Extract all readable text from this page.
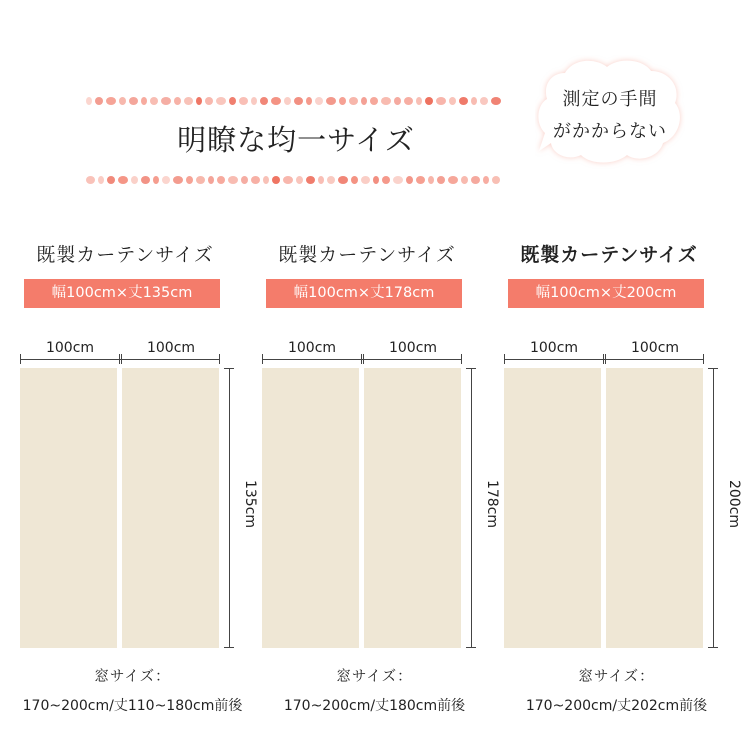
明瞭な均一サイズ
測定の手間
がかからない
既製カーテンサイズ
幅100cm×丈135cm
100cm	100cm
135cm
窓サイズ：
170~200cm/丈110~180cm前後
既製カーテンサイズ
幅100cm×丈178cm
100cm	100cm
178cm
窓サイズ：
170~200cm/丈180cm前後
既製カーテンサイズ
幅100cm×丈200cm
100cm	100cm
200cm
窓サイズ：
170~200cm/丈202cm前後
